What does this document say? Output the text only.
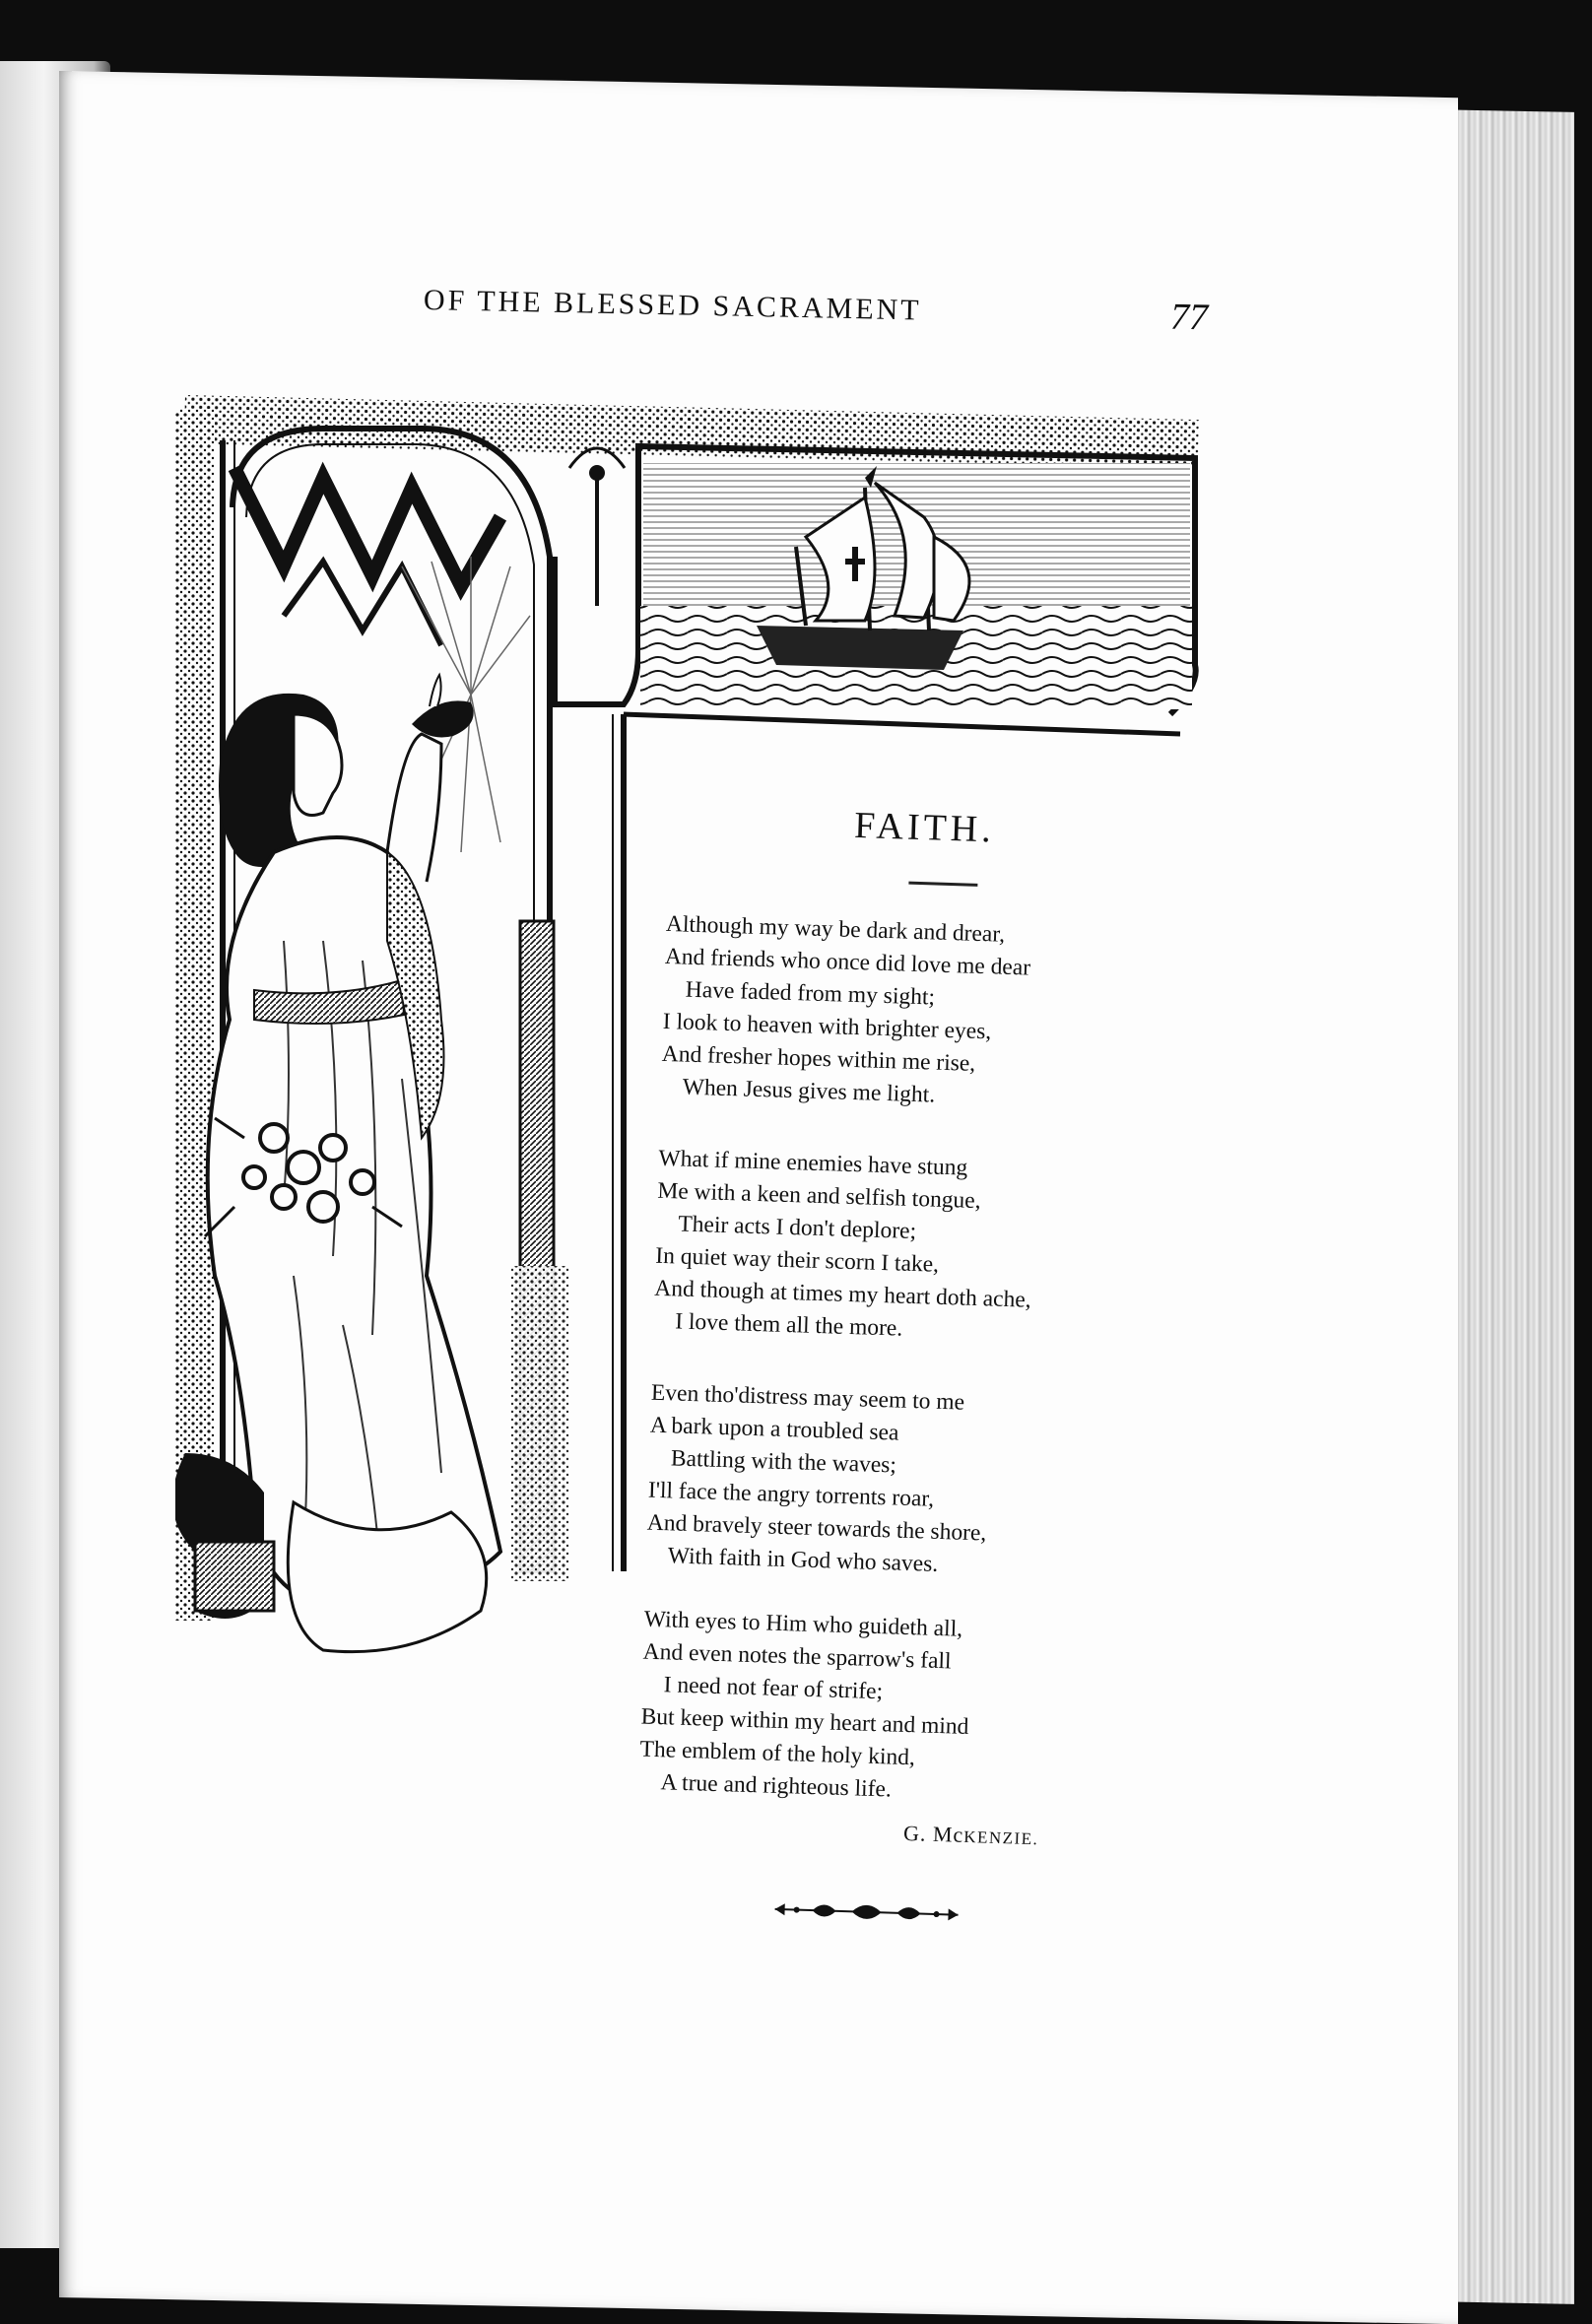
OF THE BLESSED SACRAMENT	77
FAITH.
Although my way be dark and drear,
And friends who once did love me dear
Have faded from my sight;
I look to heaven with brighter eyes,
And fresher hopes within me rise,
When Jesus gives me light.
What if mine enemies have stung
Me with a keen and selfish tongue,
Their acts I don't deplore;
In quiet way their scorn I take,
And though at times my heart doth ache,
I love them all the more.
Even tho'distress may seem to me
A bark upon a troubled sea
Battling with the waves;
I'll face the angry torrents roar,
And bravely steer towards the shore,
With faith in God who saves.
With eyes to Him who guideth all,
And even notes the sparrow's fall
I need not fear of strife;
But keep within my heart and mind
The emblem of the holy kind,
A true and righteous life.
G. McKENZIE.
